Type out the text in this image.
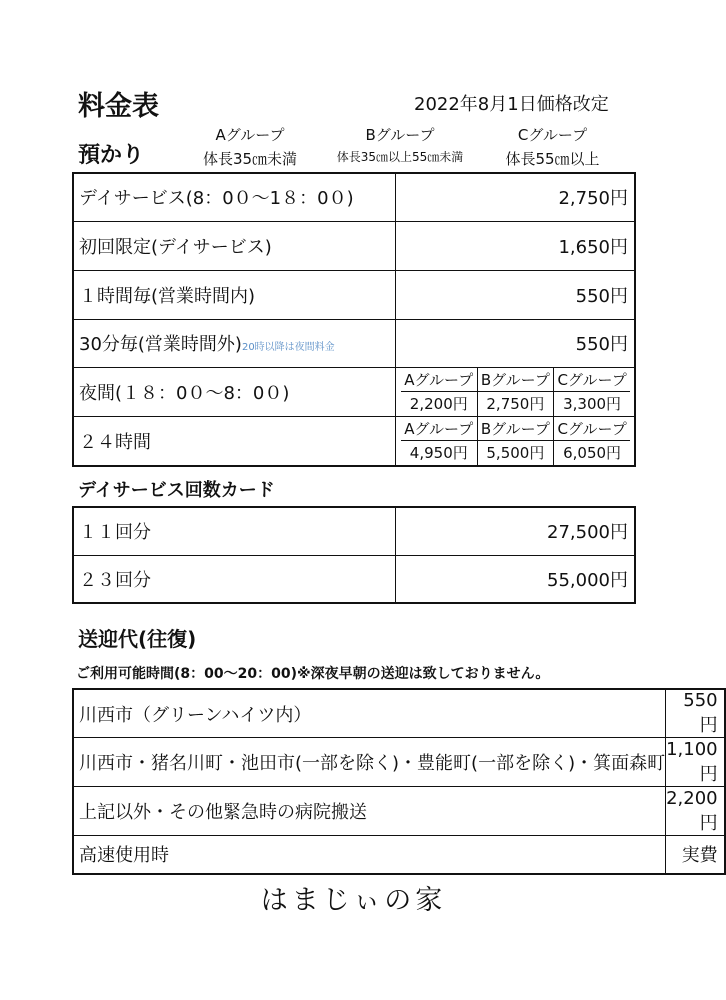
料金表	2022年8月1日価格改定
預かり
Aグループ
体長35㎝未満
Bグループ
体長35㎝以上55㎝未満
Cグループ
体長55㎝以上
デイサービス(8：0０～1８：0０)	2,750円
初回限定(デイサービス)	1,650円
１時間毎(営業時間内)	550円
30分毎(営業時間外)20時以降は夜間料金	550円
夜間(１８：0０～8：0０)	
Aグループ	Bグループ	Cグループ
2,200円	2,750円	3,300円

２４時間	
Aグループ	Bグループ	Cグループ
4,950円	5,500円	6,050円
デイサービス回数カード
１１回分	27,500円
２３回分	55,000円
送迎代(往復)
ご利用可能時間(8：00～20：00)※深夜早朝の送迎は致しておりません。
川西市（グリーンハイツ内）	550円
川西市・猪名川町・池田市(一部を除く)・豊能町(一部を除く)・箕面森町	1,100円
上記以外・その他緊急時の病院搬送	2,200円
高速使用時	実費
はまじぃの家
